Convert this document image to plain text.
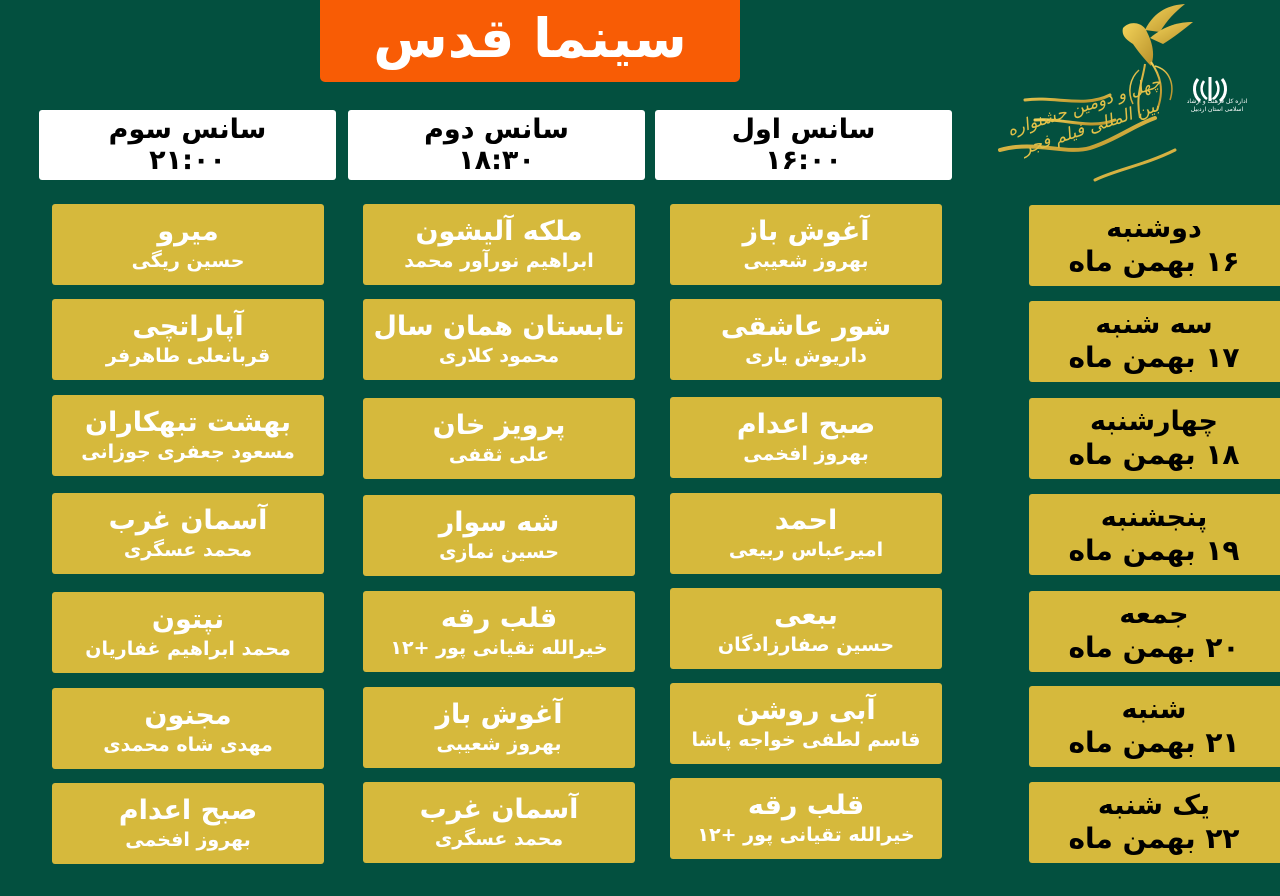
سینما قدس
چهل و دومین جشنواره بین المللی فیلم فجر	اداره کل فرهنگ و ارشاد اسلامی استان اردبیل
سانس اول
۱۶:۰۰
سانس دوم
۱۸:۳۰
سانس سوم
۲۱:۰۰
دوشنبه
۱۶ بهمن ماه
آغوش باز
بهروز شعیبی
ملکه آلیشون
ابراهیم نورآور محمد
میرو
حسین ریگی
سه شنبه
۱۷ بهمن ماه
شور عاشقی
داریوش یاری
تابستان همان سال
محمود کلاری
آپاراتچی
قربانعلی طاهرفر
چهارشنبه
۱۸ بهمن ماه
صبح اعدام
بهروز افخمی
پرویز خان
علی ثقفی
بهشت تبهکاران
مسعود جعفری جوزانی
پنجشنبه
۱۹ بهمن ماه
احمد
امیرعباس ربیعی
شه سوار
حسین نمازی
آسمان غرب
محمد عسگری
جمعه
۲۰ بهمن ماه
ببعی
حسین صفارزادگان
قلب رقه
خیرالله تقیانی پور +۱۲
نپتون
محمد ابراهیم غفاریان
شنبه
۲۱ بهمن ماه
آبی روشن
قاسم لطفی خواجه پاشا
آغوش باز
بهروز شعیبی
مجنون
مهدی شاه محمدی
یک شنبه
۲۲ بهمن ماه
قلب رقه
خیرالله تقیانی پور +۱۲
آسمان غرب
محمد عسگری
صبح اعدام
بهروز افخمی
